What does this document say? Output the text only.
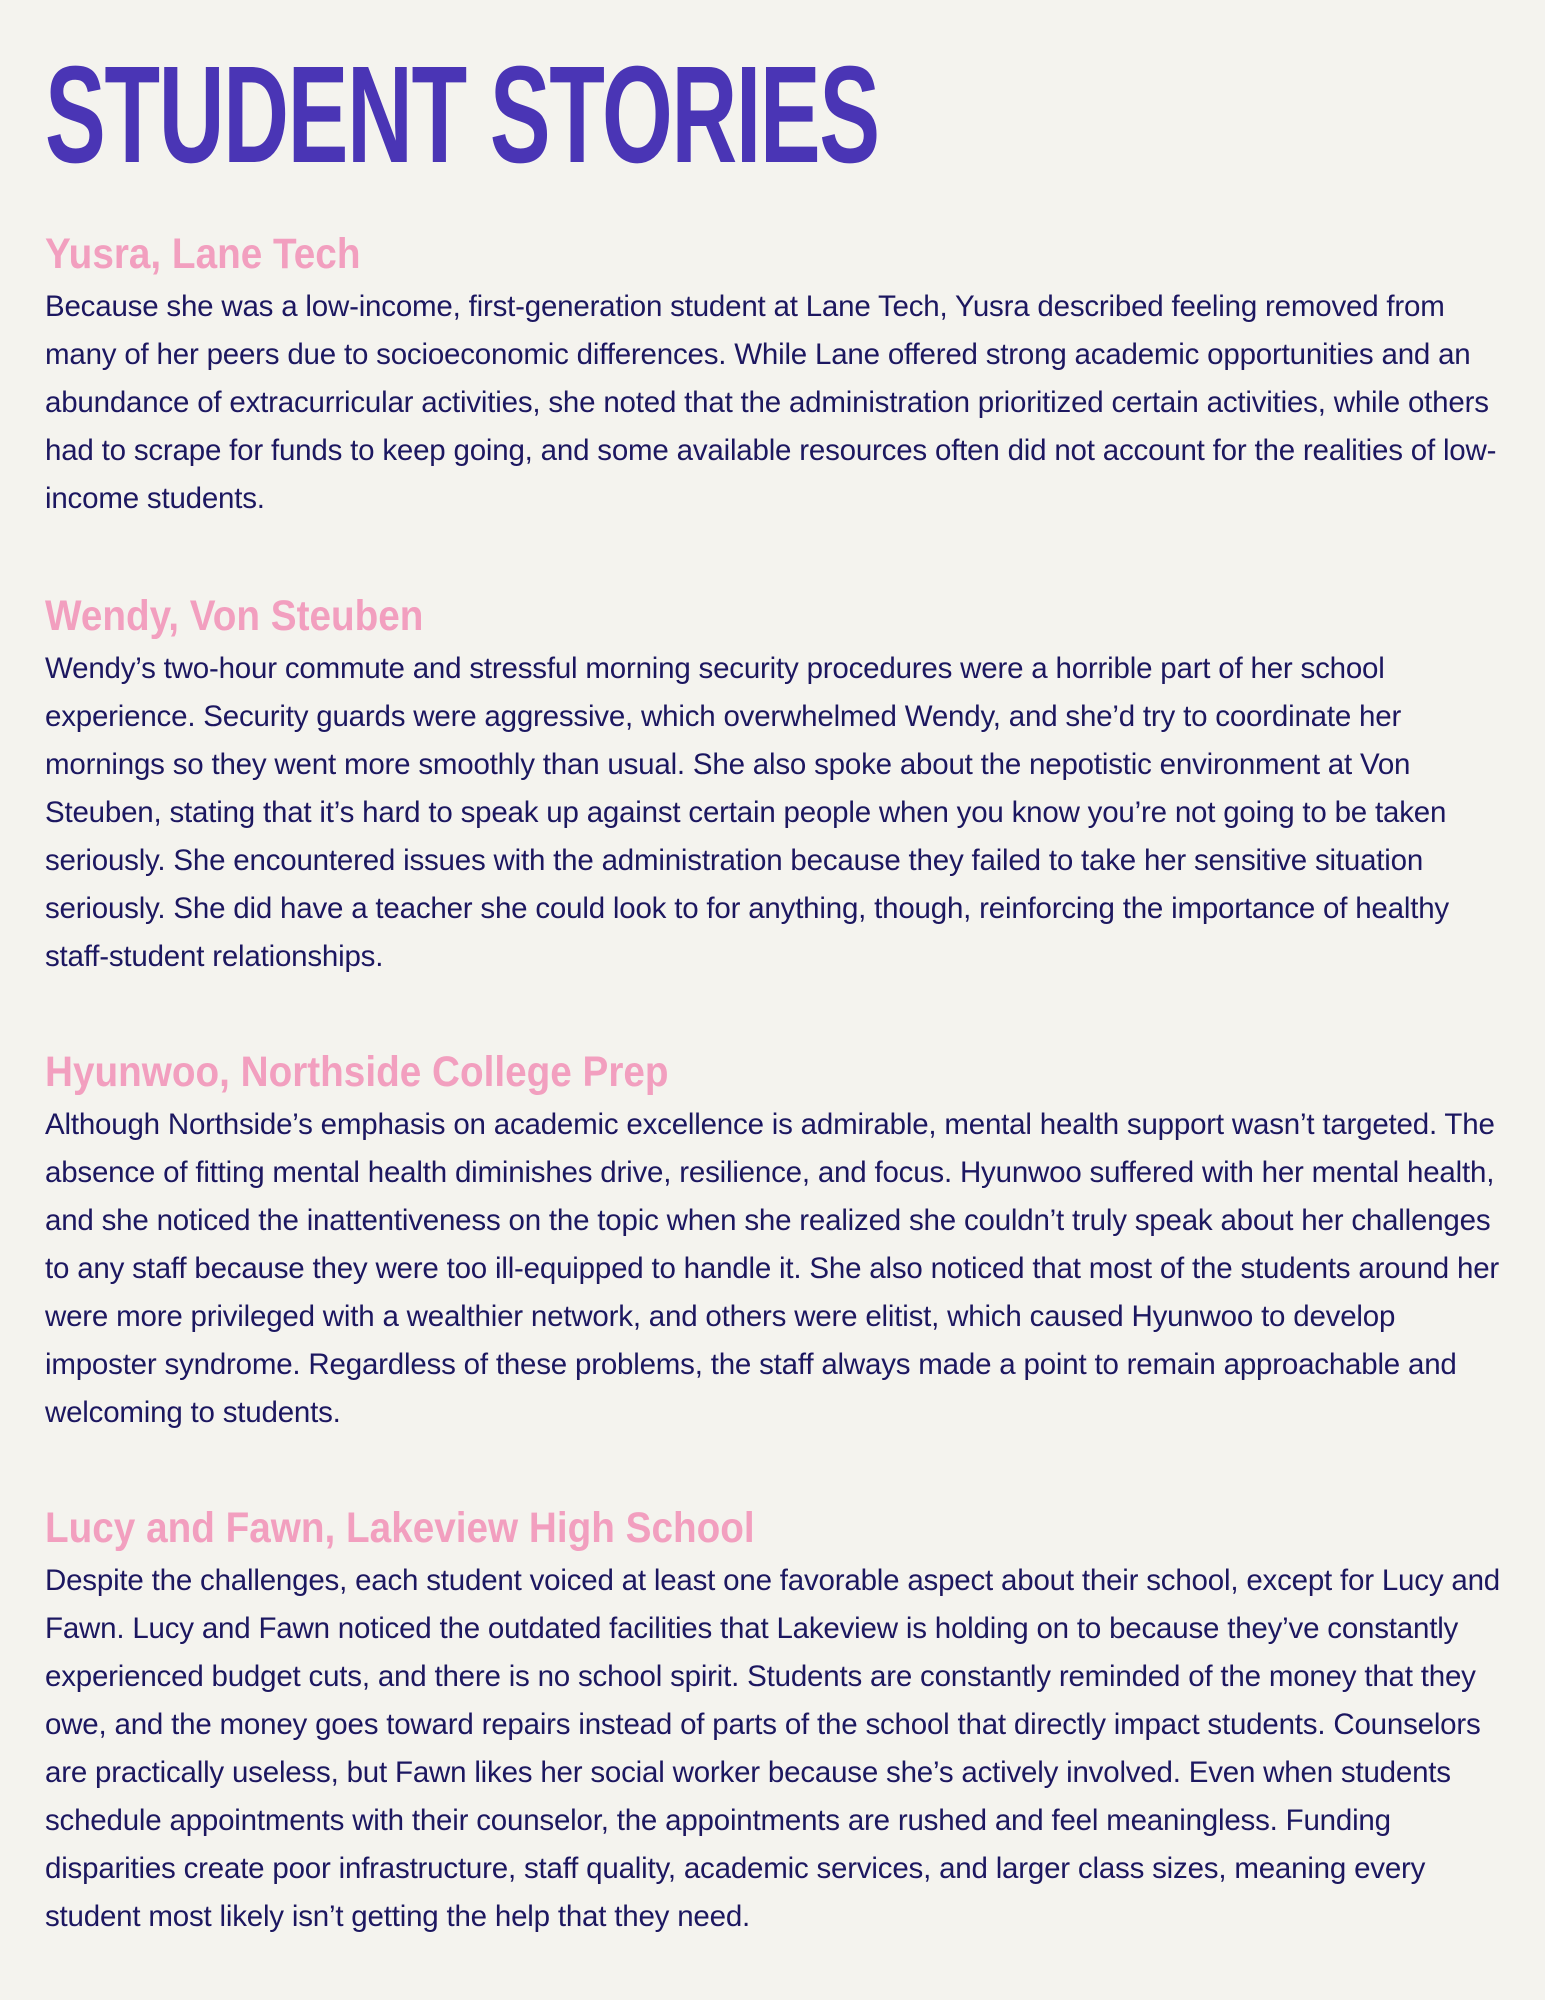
STUDENT STORIES
Yusra, Lane Tech

Because she was a low-income, first-generation student at Lane Tech, Yusra described feeling removed from many of her peers due to socioeconomic differences. While Lane offered strong academic opportunities and an abundance of extracurricular activities, she noted that the administration prioritized certain activities, while others had to scrape for funds to keep going, and some available resources often did not account for the realities of low-income students.

Wendy, Von Steuben

Wendy’s two-hour commute and stressful morning security procedures were a horrible part of her school experience. Security guards were aggressive, which overwhelmed Wendy, and she’d try to coordinate her mornings so they went more smoothly than usual. She also spoke about the nepotistic environment at Von Steuben, stating that it’s hard to speak up against certain people when you know you’re not going to be taken seriously. She encountered issues with the administration because they failed to take her sensitive situation seriously. She did have a teacher she could look to for anything, though, reinforcing the importance of healthy staff-student relationships.

Hyunwoo, Northside College Prep

Although Northside’s emphasis on academic excellence is admirable, mental health support wasn’t targeted. The absence of fitting mental health diminishes drive, resilience, and focus. Hyunwoo suffered with her mental health, and she noticed the inattentiveness on the topic when she realized she couldn’t truly speak about her challenges to any staff because they were too ill-equipped to handle it. She also noticed that most of the students around her were more privileged with a wealthier network, and others were elitist, which caused Hyunwoo to develop imposter syndrome. Regardless of these problems, the staff always made a point to remain approachable and welcoming to students.

Lucy and Fawn, Lakeview High School

Despite the challenges, each student voiced at least one favorable aspect about their school, except for Lucy and Fawn. Lucy and Fawn noticed the outdated facilities that Lakeview is holding on to because they’ve constantly experienced budget cuts, and there is no school spirit. Students are constantly reminded of the money that they owe, and the money goes toward repairs instead of parts of the school that directly impact students. Counselors are practically useless, but Fawn likes her social worker because she’s actively involved. Even when students schedule appointments with their counselor, the appointments are rushed and feel meaningless. Funding disparities create poor infrastructure, staff quality, academic services, and larger class sizes, meaning every student most likely isn’t getting the help that they need.
